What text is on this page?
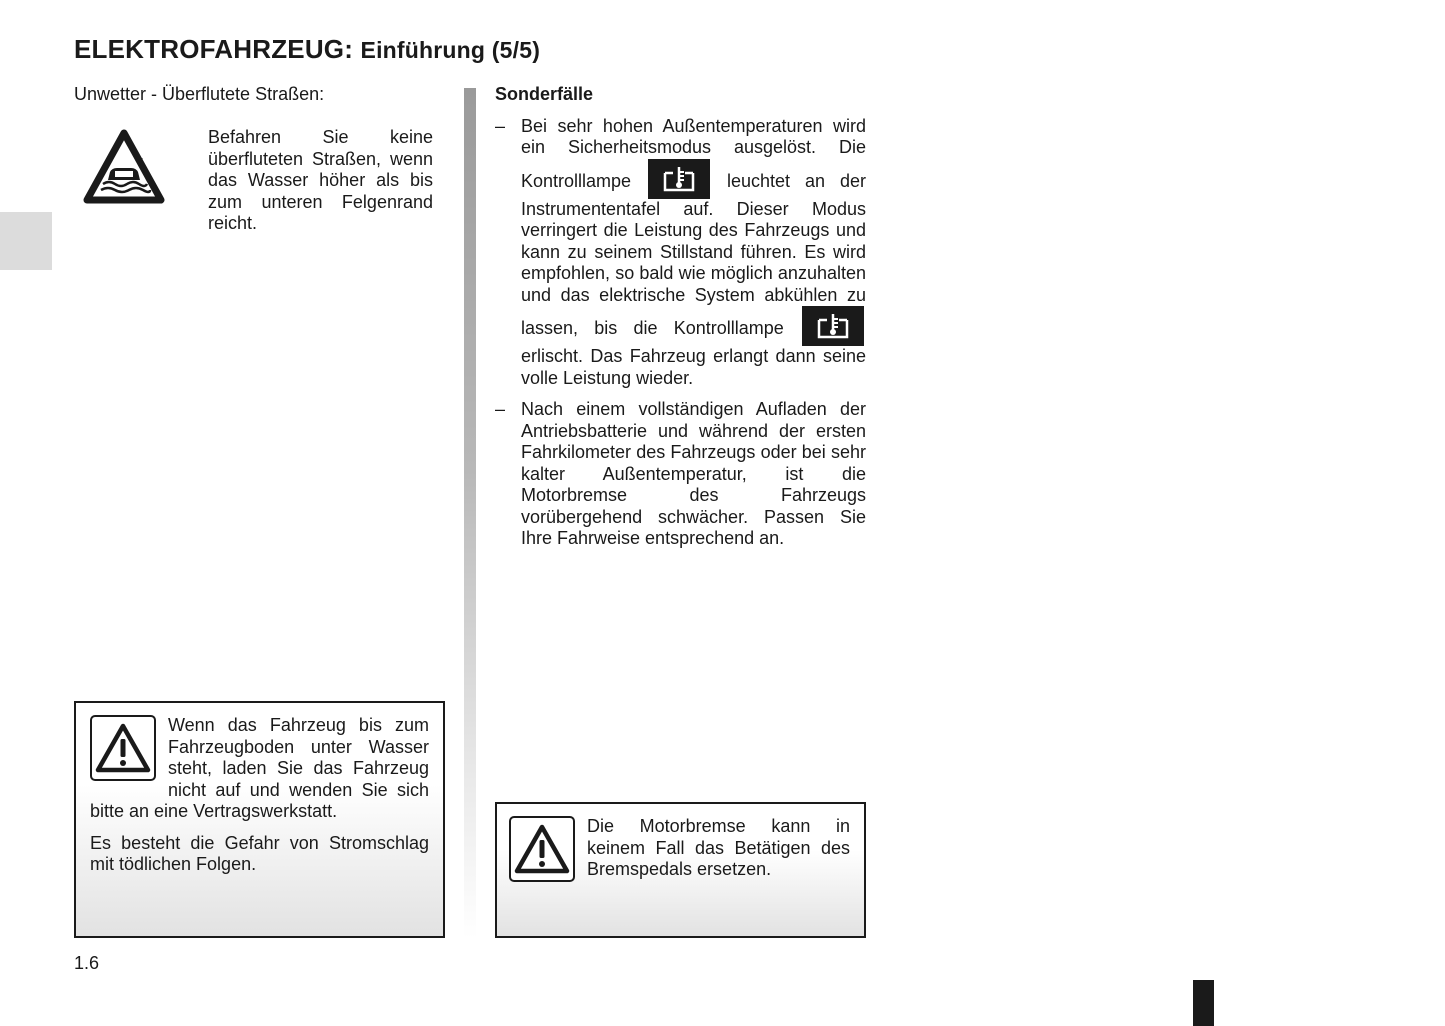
ELEKTROFAHRZEUG: Einführung (5/5)

Unwetter - Überflutete Straßen:

Befahren Sie keine überfluteten Straßen, wenn das Wasser höher als bis zum unteren Felgenrand reicht.

Wenn das Fahrzeug bis zum Fahrzeugboden unter Wasser steht, laden Sie das Fahrzeug nicht auf und wenden Sie sich bitte an eine Vertragswerkstatt.

Es besteht die Gefahr von Stromschlag mit tödlichen Folgen.

Sonderfälle
– Bei sehr hohen Außentemperaturen wird ein Sicherheitsmodus ausgelöst. Die Kontrolllampe	leuchtet an der Instrumententafel auf. Dieser Modus verringert die Leistung des Fahrzeugs und kann zu seinem Stillstand führen. Es wird empfohlen, so bald wie möglich anzuhalten und das elektrische System abkühlen zu lassen, bis die Kontrolllampe
erlischt. Das Fahrzeug erlangt dann seine volle Leistung wieder.
– Nach einem vollständigen Aufladen der Antriebsbatterie und während der ersten Fahrkilometer des Fahrzeugs oder bei sehr kalter Außentemperatur, ist die Motorbremse des Fahrzeugs vorübergehend schwächer. Passen Sie Ihre Fahrweise entsprechend an.

Die Motorbremse kann in keinem Fall das Betätigen des Bremspedals ersetzen.

1.6
